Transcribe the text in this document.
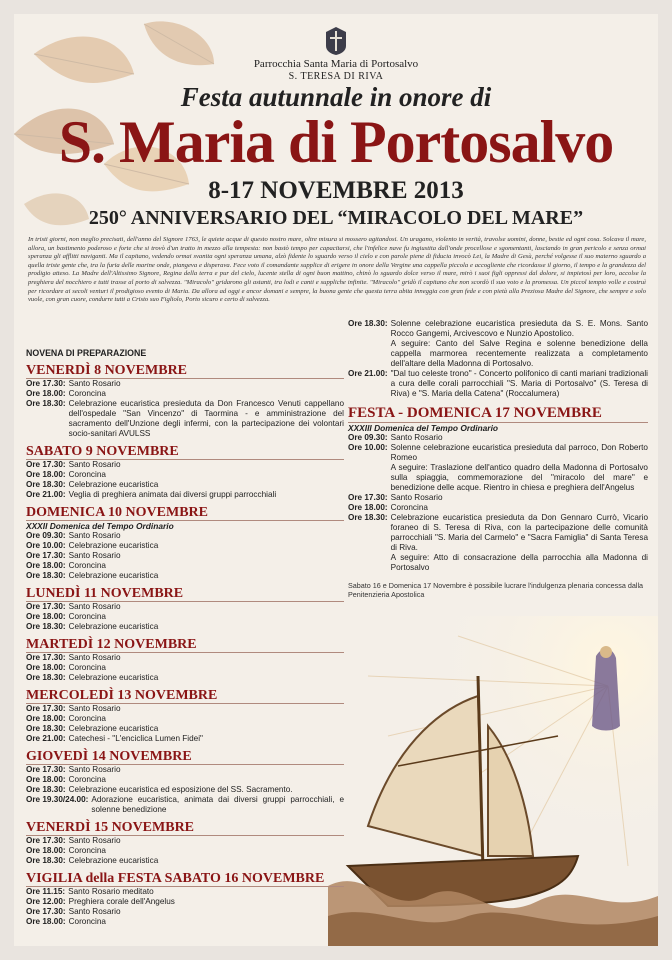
Parrocchia Santa Maria di Portosalvo
S. TERESA DI RIVA
Festa autunnale in onore di
S. Maria di Portosalvo
8-17 NOVEMBRE 2013
250° ANNIVERSARIO DEL “MIRACOLO DEL MARE”
In tristi giorni, non meglio precisati, dell'anno del Signore 1763, le quiete acque di questo nostro mare, oltre misura si mossero agitandosi. Un uragano, violento in verità, travolse uomini, donne, bestie ed ogni cosa. Solcava il mare, allora, un bastimento poderoso e forte che si trovò d'un tratto in mezzo alla tempesta: non bastò tempo per capacitarsi, che l'infelice nave fu ingiustita dall'onde procellose e sgomentanti, lasciando in gran pericolo e senza ormai speranza gli afflitti naviganti. Ma il capitano, vedendo ormai svanita ogni speranza umana, alzò fidente lo sguardo verso il cielo e con parole piene di fiducia invocò Lei, la Madre di Gesù, perché volgesse il suo materno sguardo a quella triste gente che, tra la furia delle marine onde, piangeva e disperava. Fece voto il comandante supplice di erigere in onore della Vergine una cappella piccola e accogliente che ricordasse il giorno, il tempo e la grandezza del prodigio atteso. La Madre dell'Altissimo Signore, Regina della terra e pur del cielo, lucente stella di ogni buon mattino, chinò lo sguardo dolce verso il mare, mirò i suoi figli oppressi dal dolore, si impietosì per loro, accolse la preghiera del nocchiero e tutti trasse al porto di salvezza. "Miracolo" gridarono gli astanti, tra lodi e canti e suppliche infinite. "Miracolo" gridò il capitano che non scordò il suo voto e la promessa. Un piccol tempio volle e costruì per ricordare ai secoli venturi il prodigioso evento di Maria. Da allora ad oggi e ancor domani e sempre, la buona gente che questa terra abita inneggia con gran fede e con pietà alla Preziosa Madre del Signore, che sempre e solo vuole, con gran cuore, condurre tutti a Cristo suo Figliolo, Porto sicuro e certo di salvezza.
NOVENA DI PREPARAZIONE
VENERDÌ 8 NOVEMBRE
Ore 17.30: Santo Rosario
Ore 18.00: Coroncina
Ore 18.30: Celebrazione eucaristica presieduta da Don Francesco Venuti cappellano dell'ospedale "San Vincenzo" di Taormina - e amministrazione del sacramento dell'Unzione degli infermi, con la partecipazione dei volontari socio-sanitari AVULSS
SABATO 9 NOVEMBRE
Ore 17.30: Santo Rosario
Ore 18.00: Coroncina
Ore 18.30: Celebrazione eucaristica
Ore 21.00: Veglia di preghiera animata dai diversi gruppi parrocchiali
DOMENICA 10 NOVEMBRE
XXXII Domenica del Tempo Ordinario
Ore 09.30: Santo Rosario
Ore 10.00: Celebrazione eucaristica
Ore 17.30: Santo Rosario
Ore 18.00: Coroncina
Ore 18.30: Celebrazione eucaristica
LUNEDÌ 11 NOVEMBRE
Ore 17.30: Santo Rosario
Ore 18.00: Coroncina
Ore 18.30: Celebrazione eucaristica
MARTEDÌ 12 NOVEMBRE
Ore 17.30: Santo Rosario
Ore 18.00: Coroncina
Ore 18.30: Celebrazione eucaristica
MERCOLEDÌ 13 NOVEMBRE
Ore 17.30: Santo Rosario
Ore 18.00: Coroncina
Ore 18.30: Celebrazione eucaristica
Ore 21.00: Catechesi - "L'enciclica Lumen Fidei"
GIOVEDÌ 14 NOVEMBRE
Ore 17.30: Santo Rosario
Ore 18.00: Coroncina
Ore 18.30: Celebrazione eucaristica ed esposizione del SS. Sacramento.
Ore 19.30/24.00: Adorazione eucaristica, animata dai diversi gruppi parrocchiali, e solenne benedizione
VENERDÌ 15 NOVEMBRE
Ore 17.30: Santo Rosario
Ore 18.00: Coroncina
Ore 18.30: Celebrazione eucaristica
VIGILIA della FESTA SABATO 16 NOVEMBRE
Ore 11.15: Santo Rosario meditato
Ore 12.00: Preghiera corale dell'Angelus
Ore 17.30: Santo Rosario
Ore 18.00: Coroncina
Ore 18.30: Solenne celebrazione eucaristica presieduta da S. E. Mons. Santo Rocco Gangemi, Arcivescovo e Nunzio Apostolico.
A seguire: Canto del Salve Regina e solenne benedizione della cappella marmorea recentemente realizzata a completamento dell'altare della Madonna di Portosalvo.
Ore 21.00: "Dal tuo celeste trono" - Concerto polifonico di canti mariani tradizionali a cura delle corali parrocchiali "S. Maria di Portosalvo" (S. Teresa di Riva) e "S. Maria della Catena" (Roccalumera)
FESTA - DOMENICA 17 NOVEMBRE
XXXIII Domenica del Tempo Ordinario
Ore 09.30: Santo Rosario
Ore 10.00: Solenne celebrazione eucaristica presieduta dal parroco, Don Roberto Romeo
A seguire: Traslazione dell'antico quadro della Madonna di Portosalvo sulla spiaggia, commemorazione del "miracolo del mare" e benedizione delle acque. Rientro in chiesa e preghiera dell'Angelus
Ore 17.30: Santo Rosario
Ore 18.00: Coroncina
Ore 18.30: Celebrazione eucaristica presieduta da Don Gennaro Currò, Vicario foraneo di S. Teresa di Riva, con la partecipazione delle comunità parrocchiali "S. Maria del Carmelo" e "Sacra Famiglia" di Santa Teresa di Riva.
A seguire: Atto di consacrazione della parrocchia alla Madonna di Portosalvo
Sabato 16 e Domenica 17 Novembre è possibile lucrare l'indulgenza plenaria concessa dalla Penitenzieria Apostolica
